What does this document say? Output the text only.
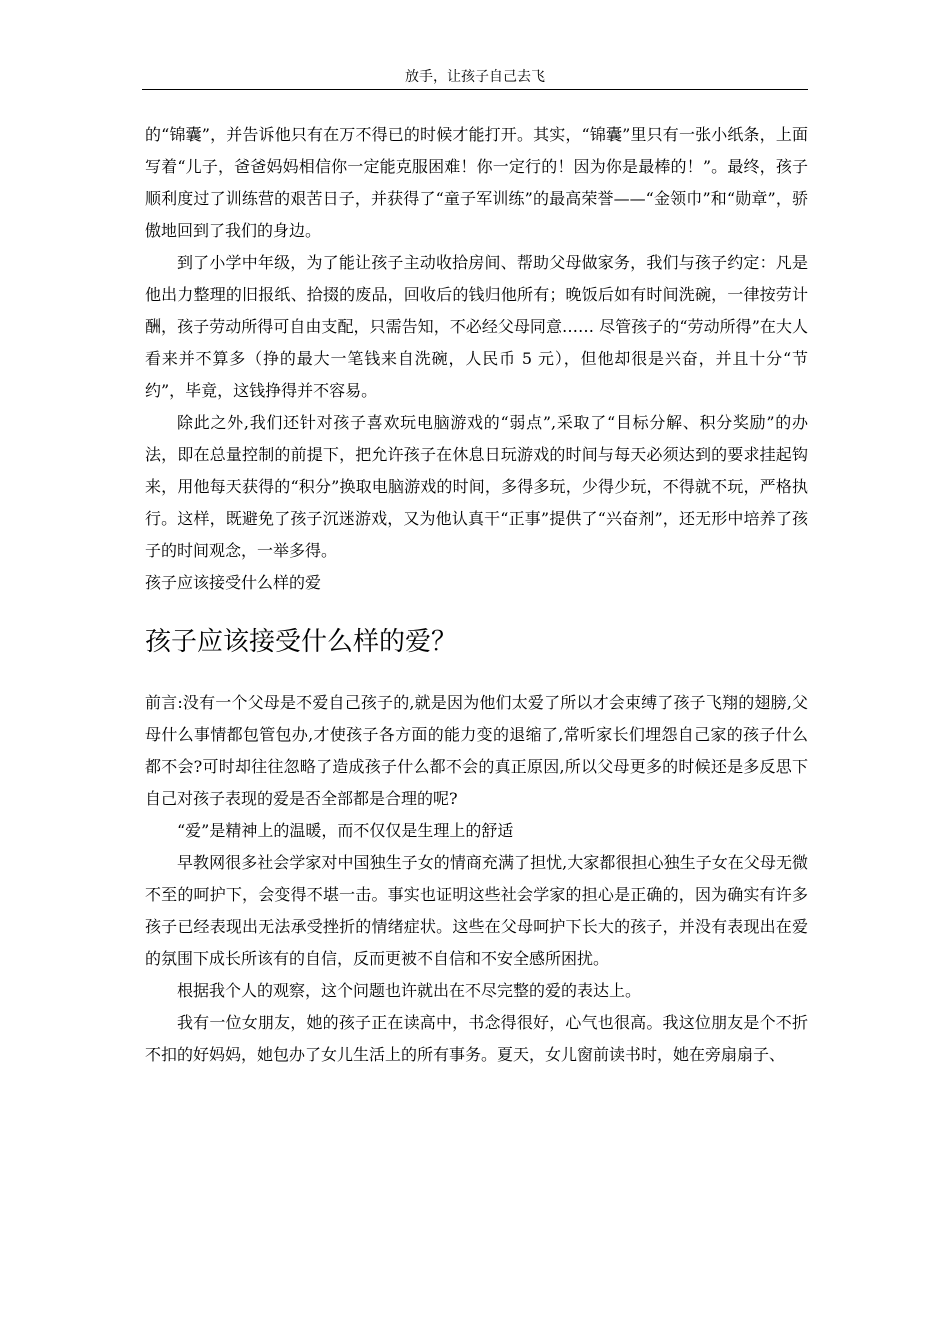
放手，让孩子自己去飞

的“锦囊”，并告诉他只有在万不得已的时候才能打开。其实，“锦囊”里只有一张小纸条，上面写着“儿子，爸爸妈妈相信你一定能克服困难！你一定行的！因为你是最棒的！”。最终，孩子顺利度过了训练营的艰苦日子，并获得了“童子军训练”的最高荣誉——“金领巾”和“勋章”，骄傲地回到了我们的身边。

到了小学中年级，为了能让孩子主动收拾房间、帮助父母做家务，我们与孩子约定：凡是他出力整理的旧报纸、拾掇的废品，回收后的钱归他所有；晚饭后如有时间洗碗，一律按劳计酬，孩子劳动所得可自由支配，只需告知，不必经父母同意…… 尽管孩子的“劳动所得”在大人看来并不算多（挣的最大一笔钱来自洗碗，人民币 5 元），但他却很是兴奋，并且十分“节约”，毕竟，这钱挣得并不容易。

除此之外,我们还针对孩子喜欢玩电脑游戏的“弱点”,采取了“目标分解、积分奖励”的办法，即在总量控制的前提下，把允许孩子在休息日玩游戏的时间与每天必须达到的要求挂起钩来，用他每天获得的“积分”换取电脑游戏的时间，多得多玩，少得少玩，不得就不玩，严格执行。这样，既避免了孩子沉迷游戏，又为他认真干“正事”提供了“兴奋剂”，还无形中培养了孩子的时间观念，一举多得。

孩子应该接受什么样的爱

孩子应该接受什么样的爱？

前言:没有一个父母是不爱自己孩子的,就是因为他们太爱了所以才会束缚了孩子飞翔的翅膀,父母什么事情都包管包办,才使孩子各方面的能力变的退缩了,常听家长们埋怨自己家的孩子什么都不会?可时却往往忽略了造成孩子什么都不会的真正原因,所以父母更多的时候还是多反思下自己对孩子表现的爱是否全部都是合理的呢?

“爱”是精神上的温暖，而不仅仅是生理上的舒适

早教网很多社会学家对中国独生子女的情商充满了担忧,大家都很担心独生子女在父母无微不至的呵护下，会变得不堪一击。事实也证明这些社会学家的担心是正确的，因为确实有许多孩子已经表现出无法承受挫折的情绪症状。这些在父母呵护下长大的孩子，并没有表现出在爱的氛围下成长所该有的自信，反而更被不自信和不安全感所困扰。

根据我个人的观察，这个问题也许就出在不尽完整的爱的表达上。

我有一位女朋友，她的孩子正在读高中，书念得很好，心气也很高。我这位朋友是个不折不扣的好妈妈，她包办了女儿生活上的所有事务。夏天，女儿窗前读书时，她在旁扇扇子、
